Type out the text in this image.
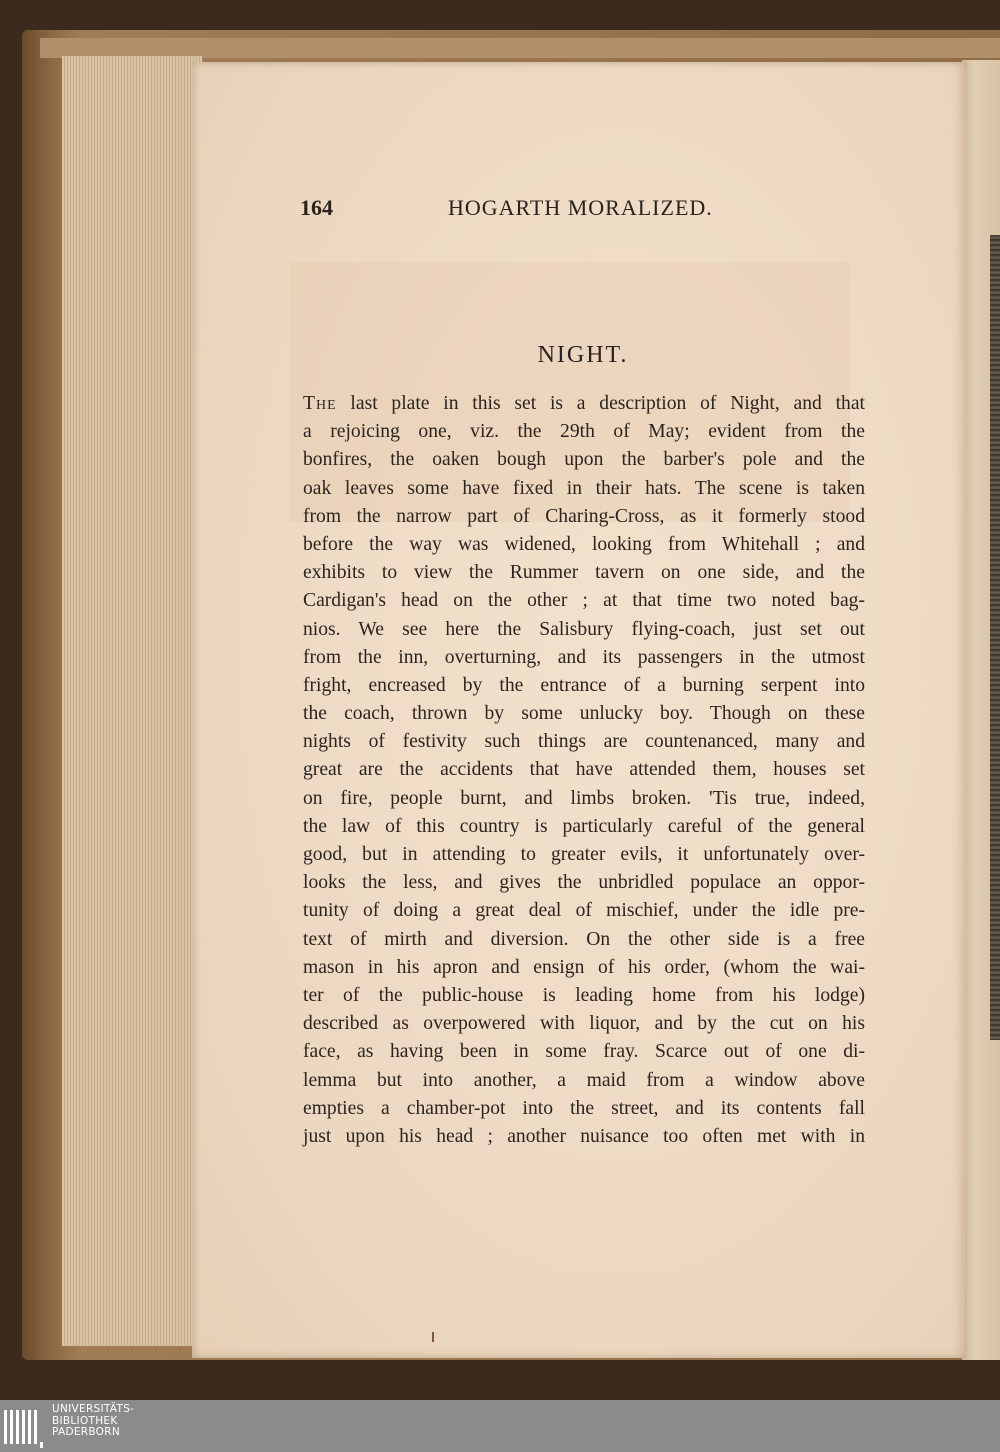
164	HOGARTH MORALIZED.
NIGHT.
The last plate in this set is a description of Night, and that
a rejoicing one, viz. the 29th of May; evident from the
bonfires, the oaken bough upon the barber's pole and the
oak leaves some have fixed in their hats. The scene is taken
from the narrow part of Charing-Cross, as it formerly stood
before the way was widened, looking from Whitehall ; and
exhibits to view the Rummer tavern on one side, and the
Cardigan's head on the other ; at that time two noted bag-
nios. We see here the Salisbury flying-coach, just set out
from the inn, overturning, and its passengers in the utmost
fright, encreased by the entrance of a burning serpent into
the coach, thrown by some unlucky boy. Though on these
nights of festivity such things are countenanced, many and
great are the accidents that have attended them, houses set
on fire, people burnt, and limbs broken. 'Tis true, indeed,
the law of this country is particularly careful of the general
good, but in attending to greater evils, it unfortunately over-
looks the less, and gives the unbridled populace an oppor-
tunity of doing a great deal of mischief, under the idle pre-
text of mirth and diversion. On the other side is a free
mason in his apron and ensign of his order, (whom the wai-
ter of the public-house is leading home from his lodge)
described as overpowered with liquor, and by the cut on his
face, as having been in some fray. Scarce out of one di-
lemma but into another, a maid from a window above
empties a chamber-pot into the street, and its contents fall
just upon his head ; another nuisance too often met with in
UNIVERSITÄTS-
BIBLIOTHEK
PADERBORN
